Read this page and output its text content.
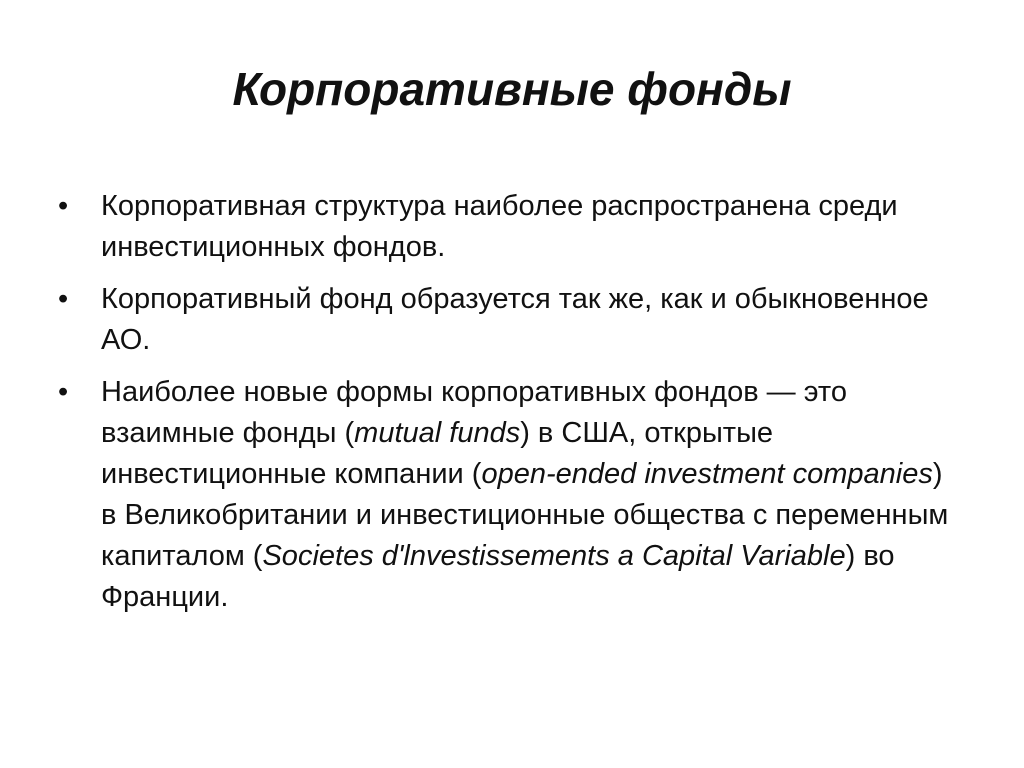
Корпоративные фонды
• Корпоративная структура наиболее распространена среди инвестиционных фондов.
• Корпоративный фонд образуется так же, как и обыкновенное АО.
• Наиболее новые формы корпоративных фондов — это взаимные фонды (mutual funds) в США, открытые инвестиционные компании (open-ended investment companies) в Великобритании и инвестиционные общества с переменным капиталом (Societes d'lnvestissements a Capital Variable) во Франции.
